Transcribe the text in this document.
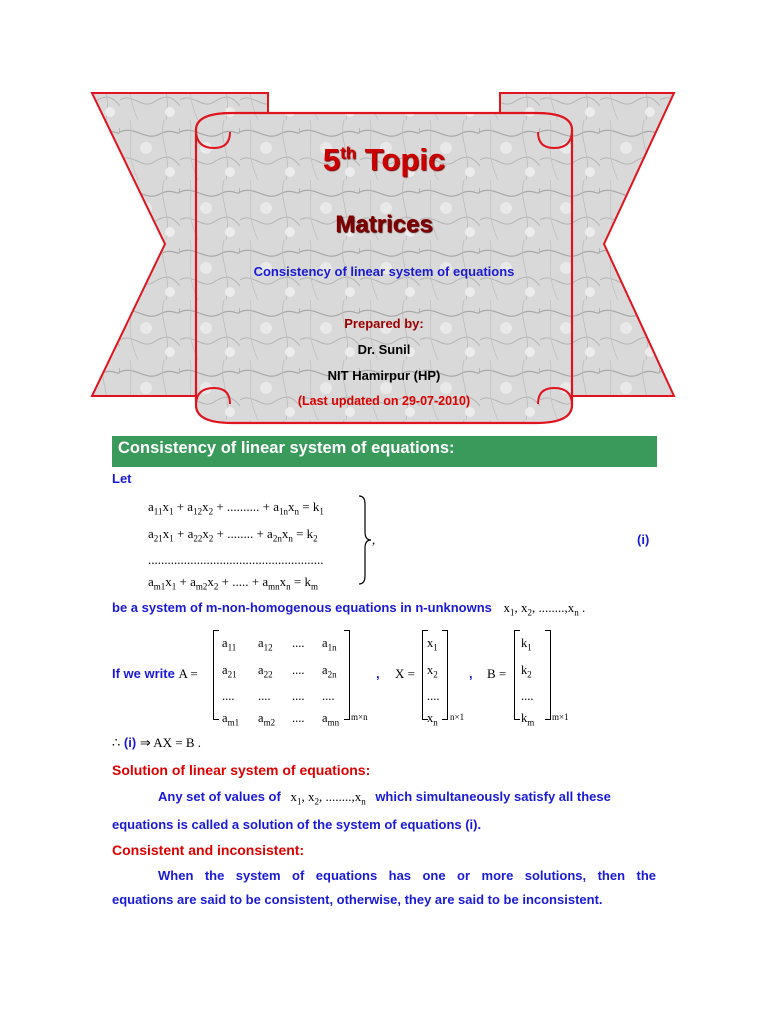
5th Topic
Matrices
Consistency of linear system of equations
Prepared by:
Dr. Sunil
NIT Hamirpur (HP)
(Last updated on 29-07-2010)
Consistency of linear system of equations:
Let
$a_{11}x_1 + a_{12}x_2$ + .......... + $a_{1n}x_n = k_1$
$a_{21}x_1 + a_{22}x_2$ + ........ + $a_{2n}x_n = k_2$
......................................................
$a_{m1}x_1 + a_{m2}x_2$ + ..... + $a_{mn}x_n = k_m$
,	(i)
be a system of m-non-homogenous equations in n-unknowns $x_1$, $x_2$, $........,x_n$ .
If we write A =
$a_{11}$ $a_{12}$ .... $a_{1n}$
$a_{21}$ $a_{22}$ .... $a_{2n}$
.... .... .... ....
$a_{m1}$ $a_{m2}$ .... $a_{mn}$
m×n
, X =
$x_1$
$x_2$
....
$x_n$
n×1
, B =
$k_1$
$k_2$
....
$k_m$
m×1
∴ (i) ⇒ AX = B .
Solution of linear system of equations:
Any set of values of $x_1$, $x_2$, $........,x_n$ which simultaneously satisfy all these
equations is called a solution of the system of equations (i).
Consistent and inconsistent:
When the system of equations has one or more solutions, then the
equations are said to be consistent, otherwise, they are said to be inconsistent.
